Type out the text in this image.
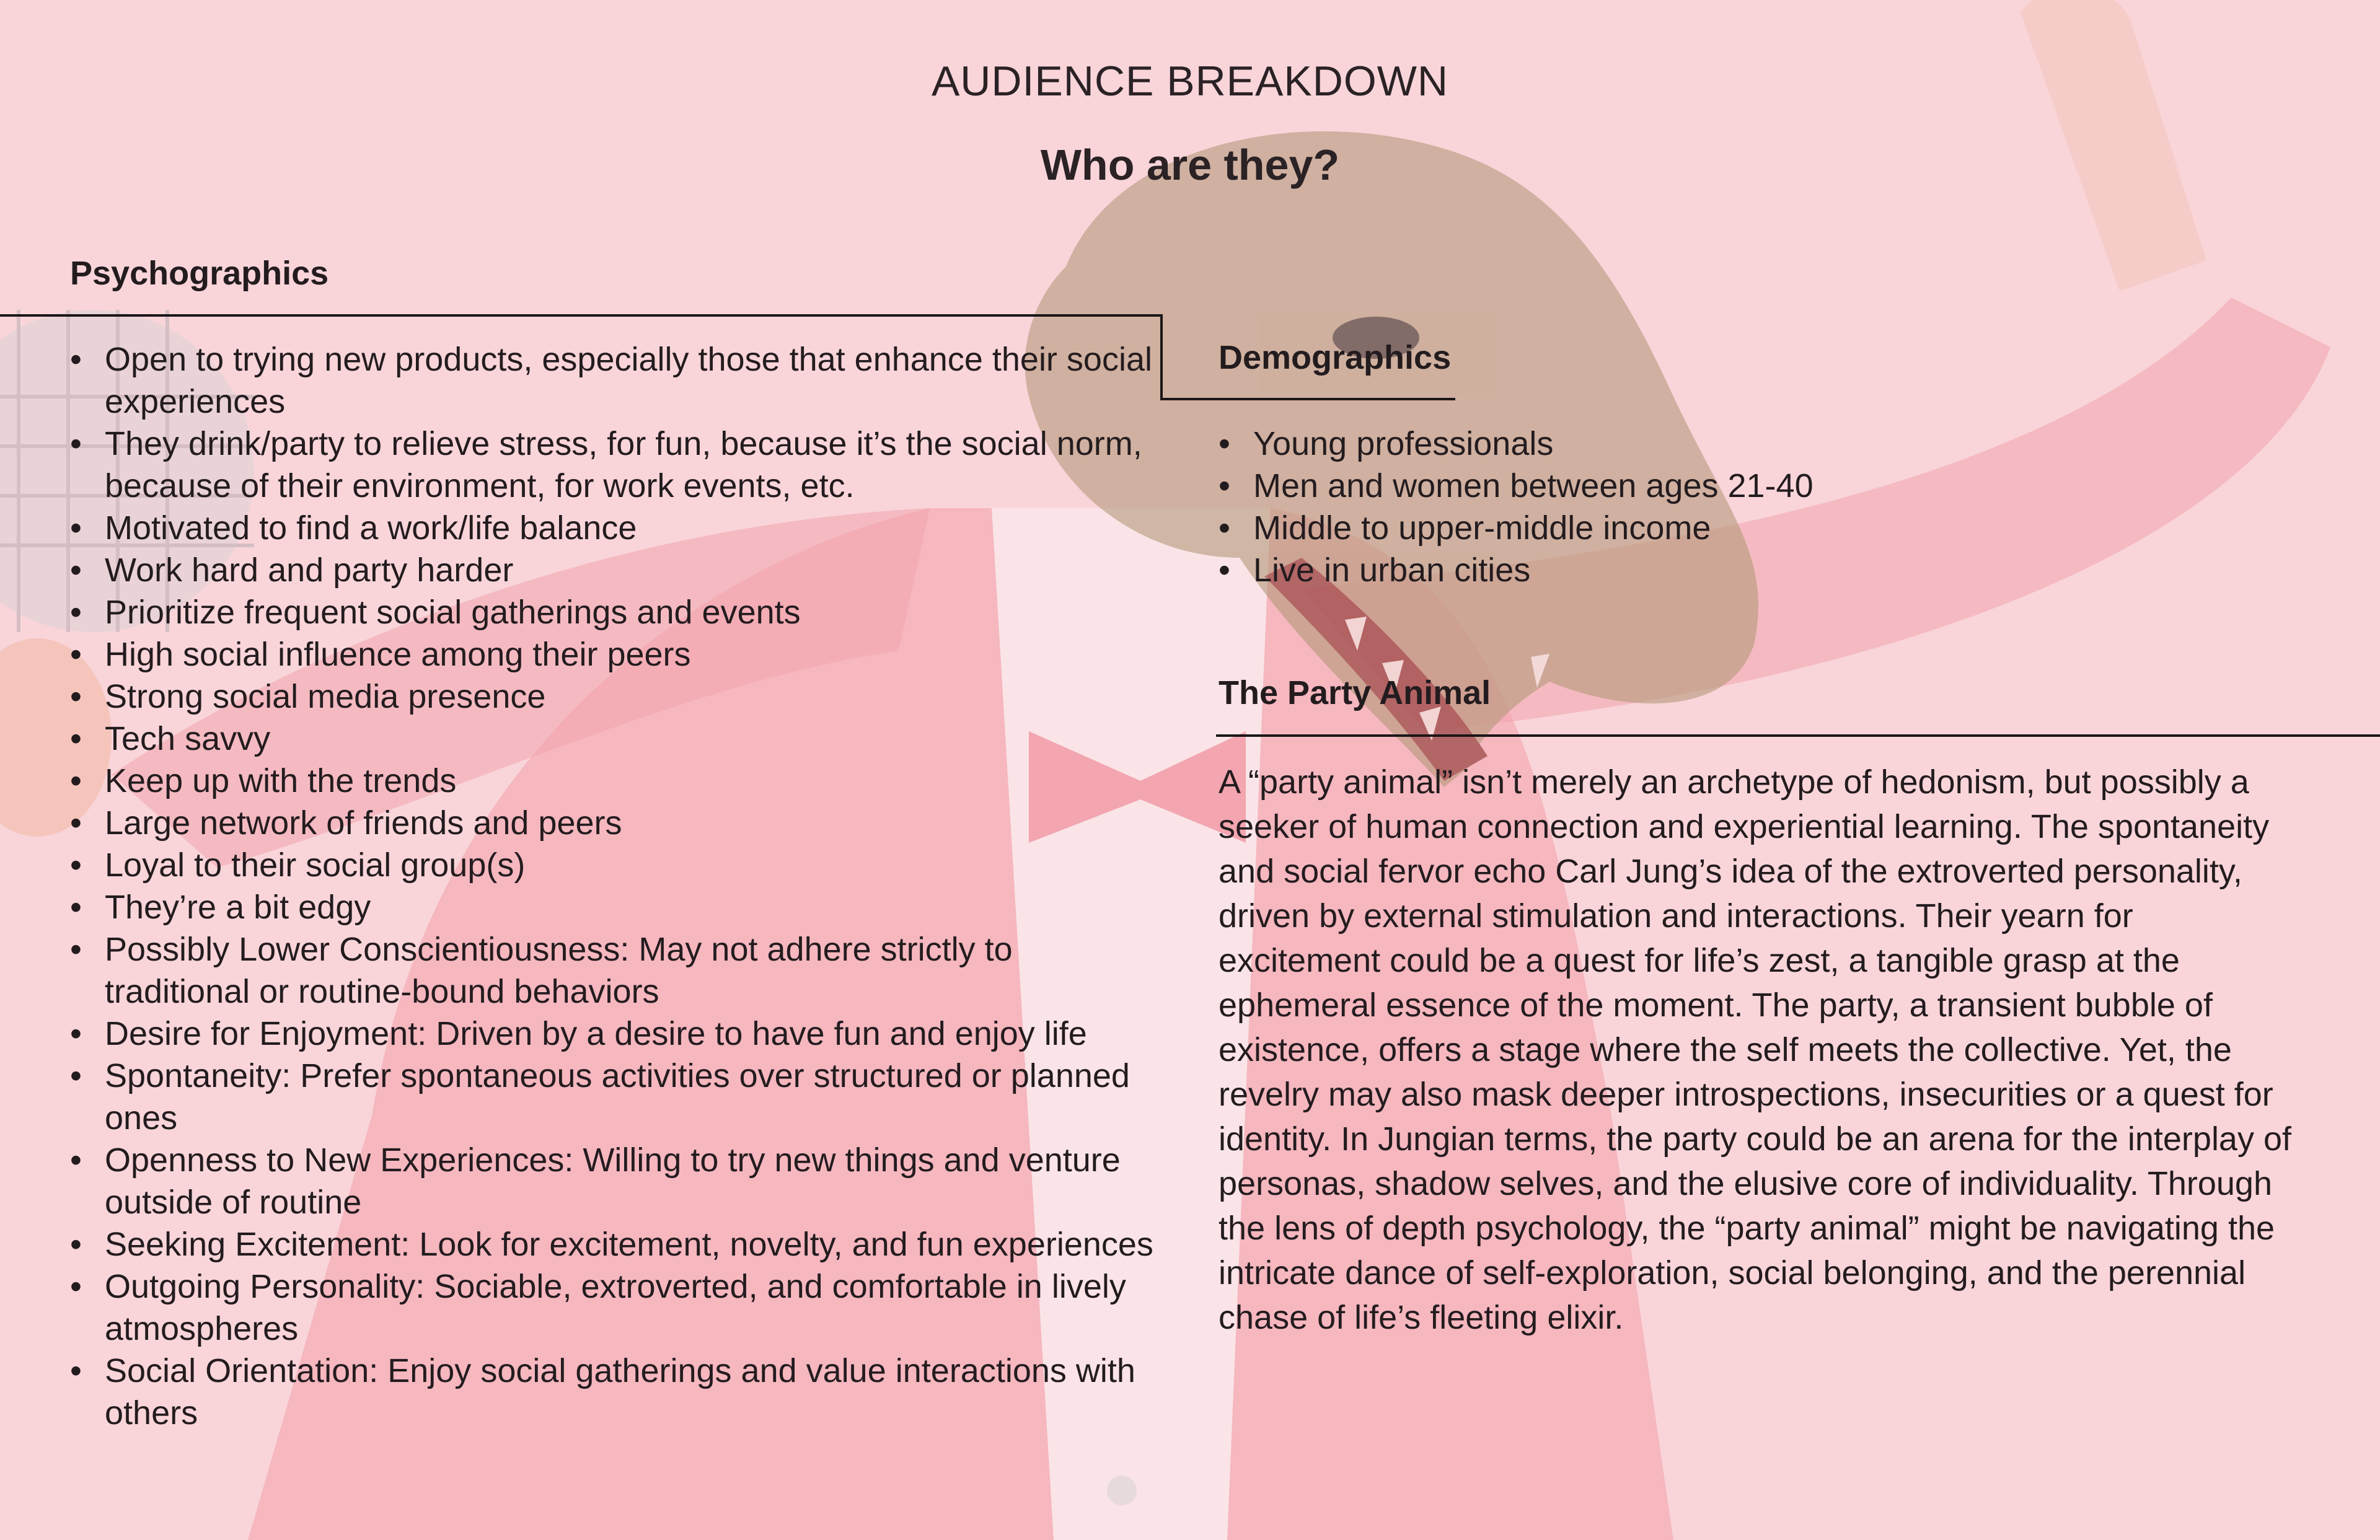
AUDIENCE BREAKDOWN
Who are they?
Psychographics
• Open to trying new products, especially those that enhance their social experiences
• They drink/party to relieve stress, for fun, because it’s the social norm, because of their environment, for work events, etc.
• Motivated to find a work/life balance
• Work hard and party harder
• Prioritize frequent social gatherings and events
• High social influence among their peers
• Strong social media presence
• Tech savvy
• Keep up with the trends
• Large network of friends and peers
• Loyal to their social group(s)
• They’re a bit edgy
• Possibly Lower Conscientiousness: May not adhere strictly to traditional or routine-bound behaviors
• Desire for Enjoyment: Driven by a desire to have fun and enjoy life
• Spontaneity: Prefer spontaneous activities over structured or planned ones
• Openness to New Experiences: Willing to try new things and venture outside of routine
• Seeking Excitement: Look for excitement, novelty, and fun experiences
• Outgoing Personality: Sociable, extroverted, and comfortable in lively atmospheres
• Social Orientation: Enjoy social gatherings and value interactions with others
Demographics
• Young professionals
• Men and women between ages 21-40
• Middle to upper-middle income
• Live in urban cities
The Party Animal

A “party animal” isn’t merely an archetype of hedonism, but possibly a seeker of human connection and experiential learning. The spontaneity and social fervor echo Carl Jung’s idea of the extroverted personality, driven by external stimulation and interactions. Their yearn for excitement could be a quest for life’s zest, a tangible grasp at the ephemeral essence of the moment. The party, a transient bubble of existence, offers a stage where the self meets the collective. Yet, the revelry may also mask deeper introspections, insecurities or a quest for identity. In Jungian terms, the party could be an arena for the interplay of personas, shadow selves, and the elusive core of individuality. Through the lens of depth psychology, the “party animal” might be navigating the intricate dance of self-exploration, social belonging, and the perennial chase of life’s fleeting elixir.
